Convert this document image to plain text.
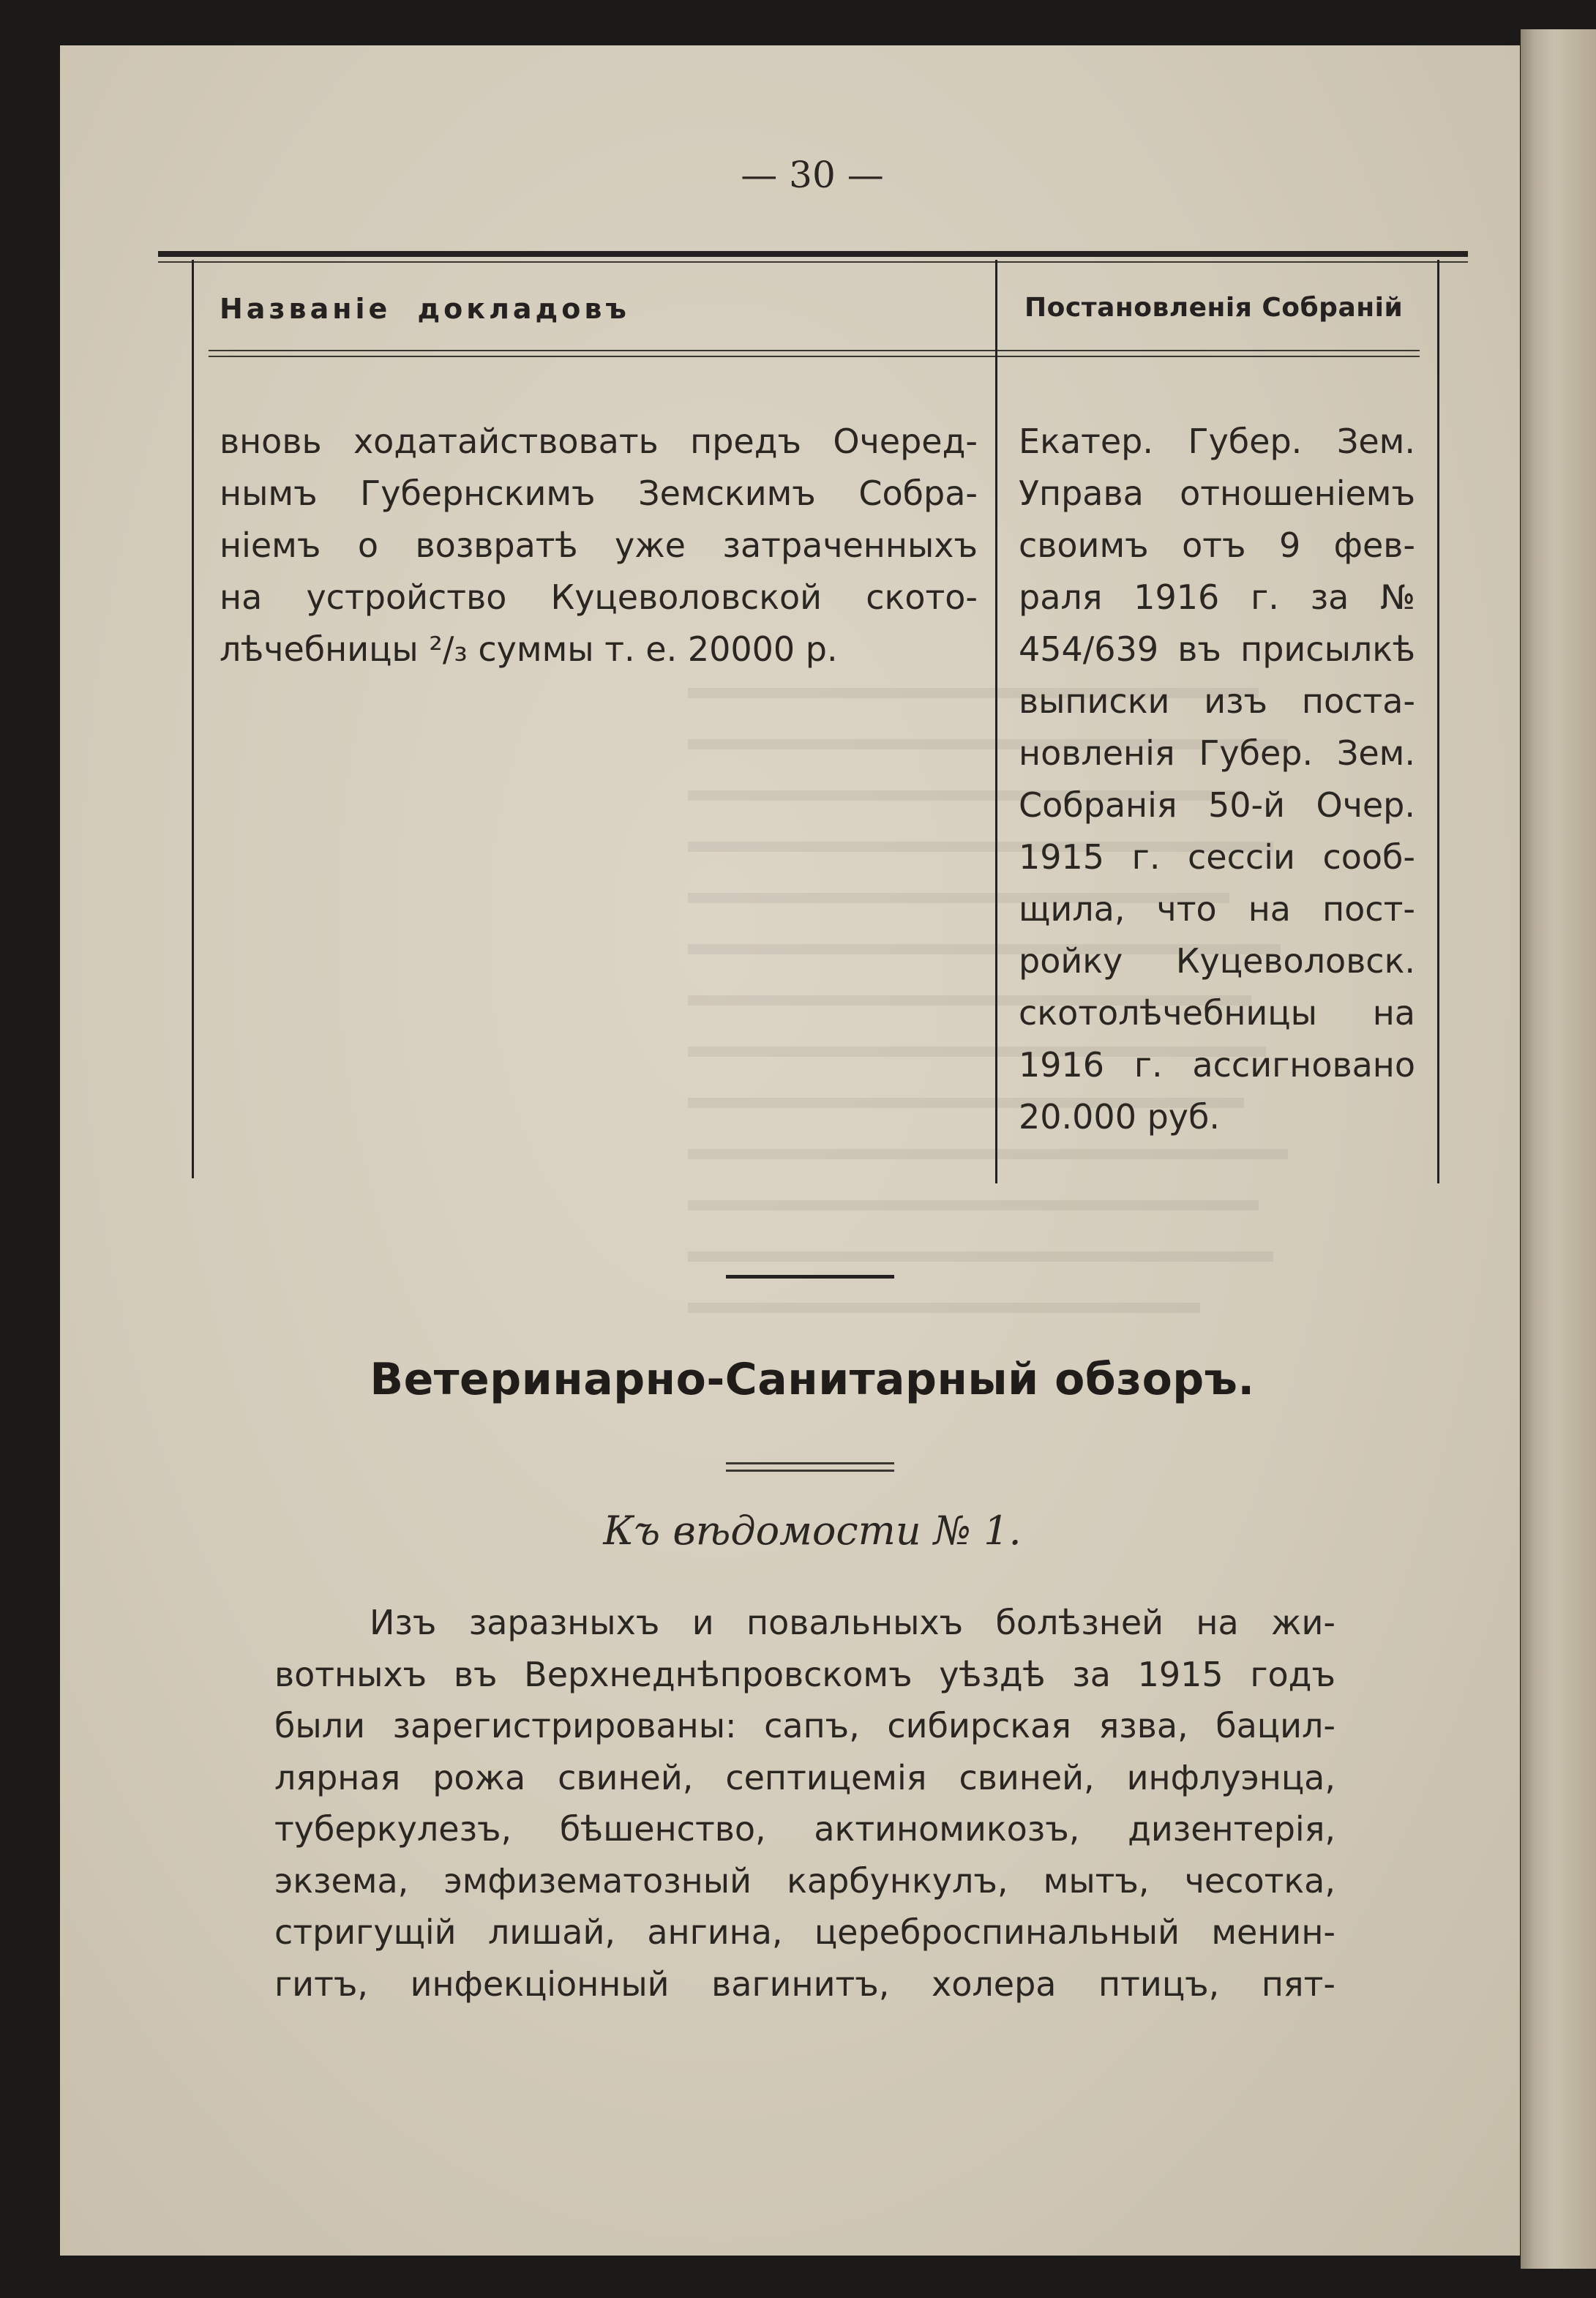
— 30 —
Названіе докладовъ	Постановленія Собраній
вновь ходатайствовать предъ Очеред-
нымъ Губернскимъ Земскимъ Собра-
ніемъ о возвратѣ уже затраченныхъ
на устройство Куцеволовской ското-
лѣчебницы ²/₃ суммы т. е. 20000 р.
Екатер. Губер. Зем.
Управа отношеніемъ
своимъ отъ 9 фев-
раля 1916 г. за №
454/639 въ присылкѣ
выписки изъ поста-
новленія Губер. Зем.
Собранія 50-й Очер.
1915 г. сессіи сооб-
щила, что на пост-
ройку Куцеволовск.
скотолѣчебницы на
1916 г. ассигновано
20.000 руб.
Ветеринарно-Санитарный обзоръ.
Къ вѣдомости № 1.
Изъ заразныхъ и повальныхъ болѣзней на жи-
вотныхъ въ Верхнеднѣпровскомъ уѣздѣ за 1915 годъ
были зарегистрированы: сапъ, сибирская язва, бацил-
лярная рожа свиней, септицемія свиней, инфлуэнца,
туберкулезъ, бѣшенство, актиномикозъ, дизентерія,
экзема, эмфизематозный карбункулъ, мытъ, чесотка,
стригущій лишай, ангина, цереброспинальный менин-
гитъ, инфекціонный вагинитъ, холера птицъ, пят-
